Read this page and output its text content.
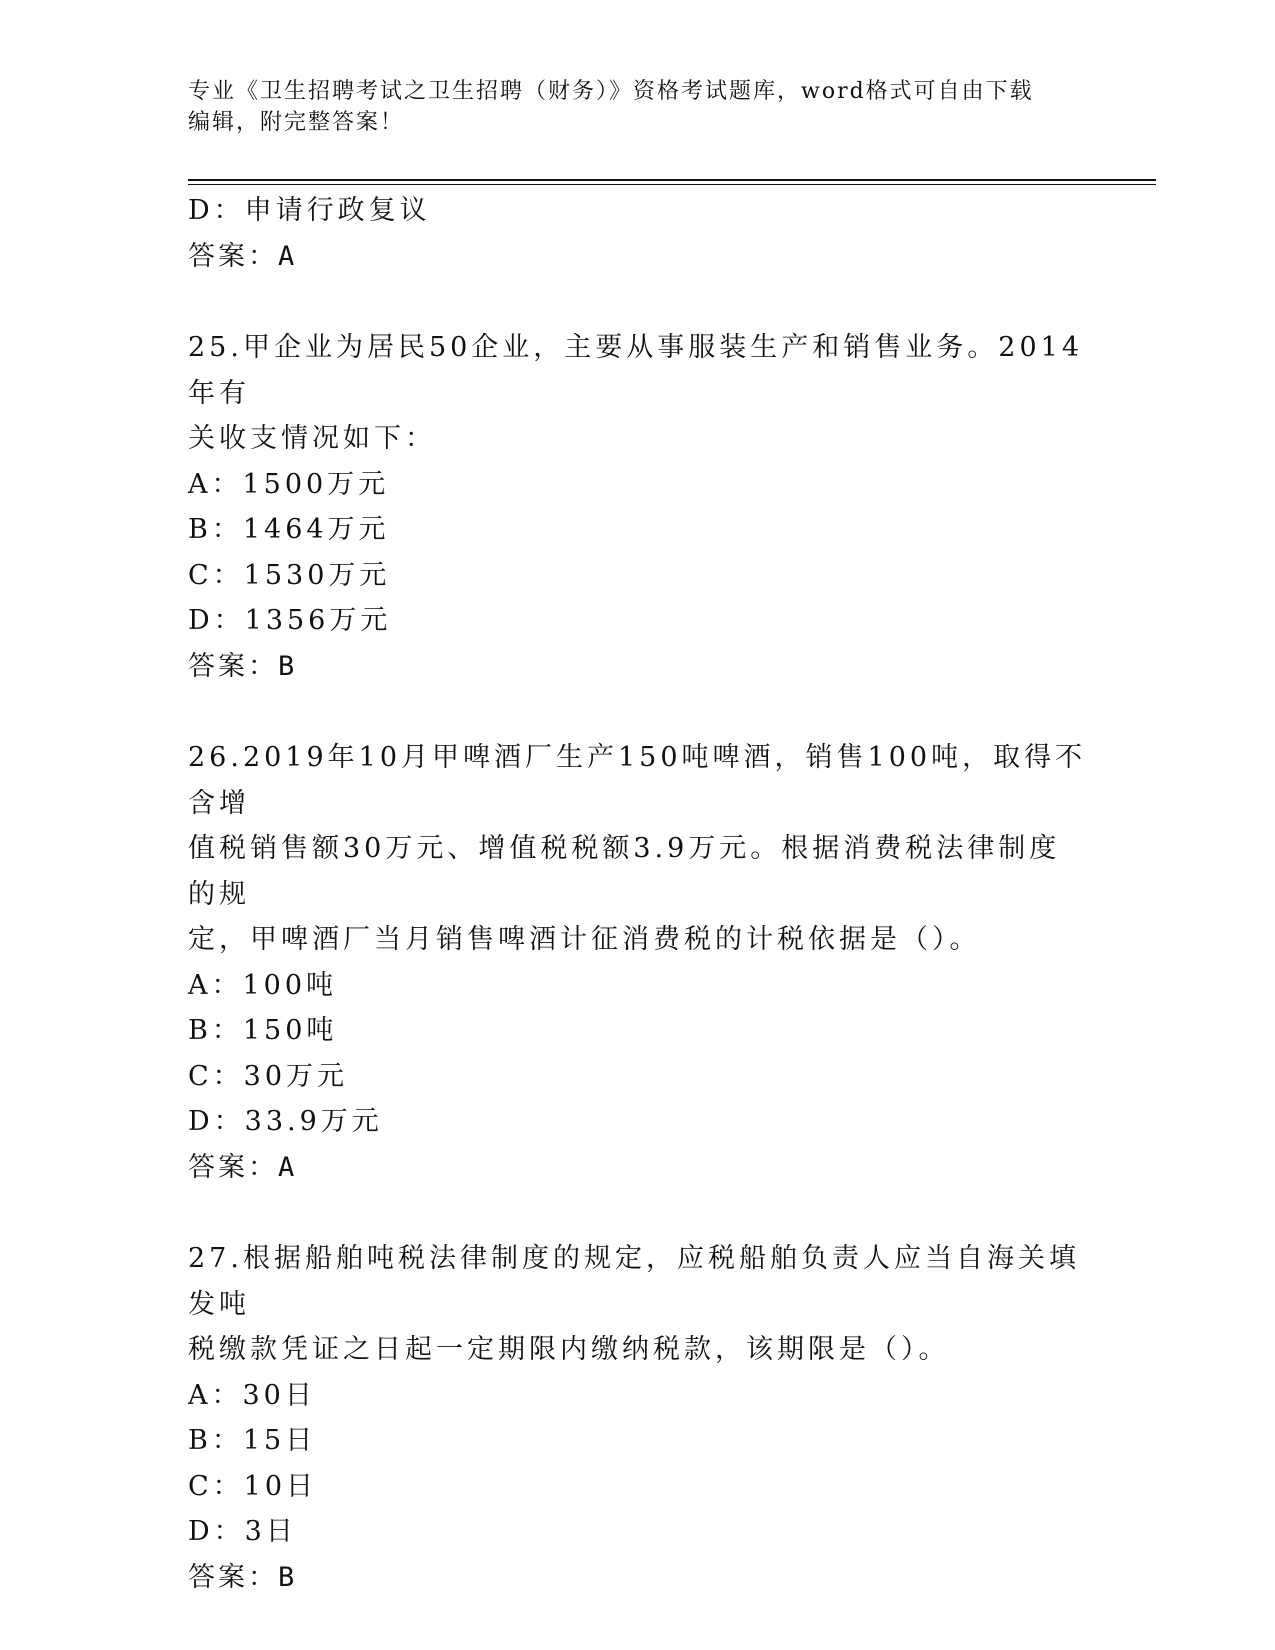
专业《卫生招聘考试之卫生招聘（财务）》资格考试题库，word格式可自由下载
编辑，附完整答案！
D：申请行政复议
答案：A
25.甲企业为居民50企业，主要从事服装生产和销售业务。2014年有
关收支情况如下：
A：1500万元
B：1464万元
C：1530万元
D：1356万元
答案：B
26.2019年10月甲啤酒厂生产150吨啤酒，销售100吨，取得不含增
值税销售额30万元、增值税税额3.9万元。根据消费税法律制度的规
定，甲啤酒厂当月销售啤酒计征消费税的计税依据是（）。
A：100吨
B：150吨
C：30万元
D：33.9万元
答案：A
27.根据船舶吨税法律制度的规定，应税船舶负责人应当自海关填发吨
税缴款凭证之日起一定期限内缴纳税款，该期限是（）。
A：30日
B：15日
C：10日
D：3日
答案：B
